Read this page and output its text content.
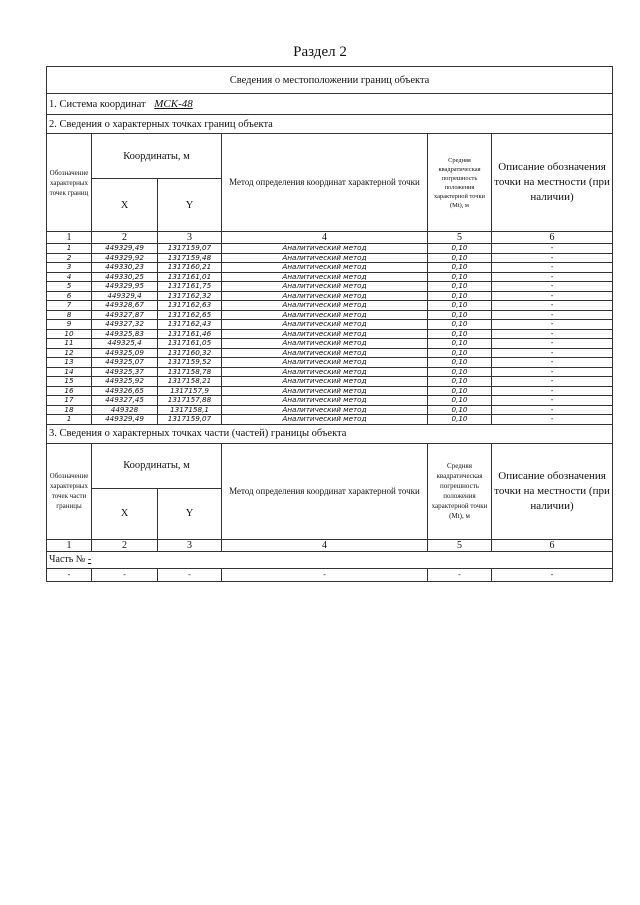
Раздел 2
Сведения о местоположении границ объекта					
1. Система координат МСК-48					
2. Сведения о характерных точках границ объекта					
Обозначение характерных точек границ	Координаты, м		Метод определения координат характерной точки	Средняя квадратическая погрешность положения характерной точки (Mt), м	Описание обозначения точки на местности (при наличии)
	X	Y			
1	2	3	4	5	6
1	449329,49	1317159,07	Аналитический метод	0,10	-
2	449329,92	1317159,48	Аналитический метод	0,10	-
3	449330,23	1317160,21	Аналитический метод	0,10	-
4	449330,25	1317161,01	Аналитический метод	0,10	-
5	449329,95	1317161,75	Аналитический метод	0,10	-
6	449329,4	1317162,32	Аналитический метод	0,10	-
7	449328,67	1317162,63	Аналитический метод	0,10	-
8	449327,87	1317162,65	Аналитический метод	0,10	-
9	449327,32	1317162,43	Аналитический метод	0,10	-
10	449325,83	1317161,46	Аналитический метод	0,10	-
11	449325,4	1317161,05	Аналитический метод	0,10	-
12	449325,09	1317160,32	Аналитический метод	0,10	-
13	449325,07	1317159,52	Аналитический метод	0,10	-
14	449325,37	1317158,78	Аналитический метод	0,10	-
15	449325,92	1317158,21	Аналитический метод	0,10	-
16	449326,65	1317157,9	Аналитический метод	0,10	-
17	449327,45	1317157,88	Аналитический метод	0,10	-
18	449328	1317158,1	Аналитический метод	0,10	-
1	449329,49	1317159,07	Аналитический метод	0,10	-
3. Сведения о характерных точках части (частей) границы объекта					
Обозначение характерных точек части границы	Координаты, м		Метод определения координат характерной точки	Средняя квадратическая погрешность положения характерной точки (Mt), м	Описание обозначения точки на местности (при наличии)
	X	Y			
1	2	3	4	5	6
Часть № -					
-	-	-	-	-	-
